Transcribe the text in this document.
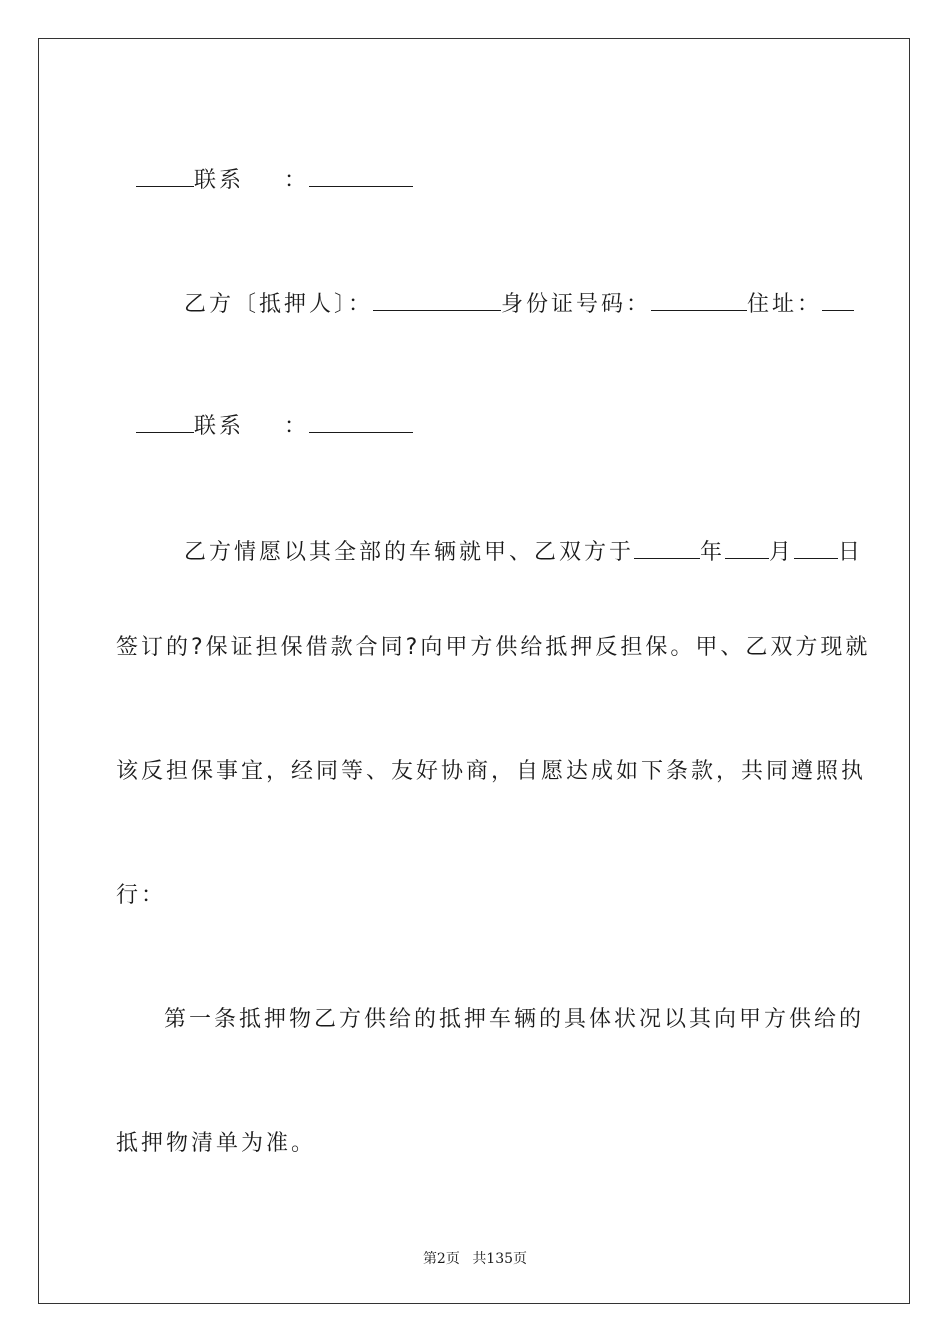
联系 ：

乙方〔抵押人〕：	身份证号码：	住址：

联系 ：

乙方情愿以其全部的车辆就甲、乙双方于	年 月 日

签订的?保证担保借款合同?向甲方供给抵押反担保。甲、乙双方现就
该反担保事宜，经同等、友好协商，自愿达成如下条款，共同遵照执
行：
第一条抵押物乙方供给的抵押车辆的具体状况以其向甲方供给的
抵押物清单为准。
第2页 共135页
